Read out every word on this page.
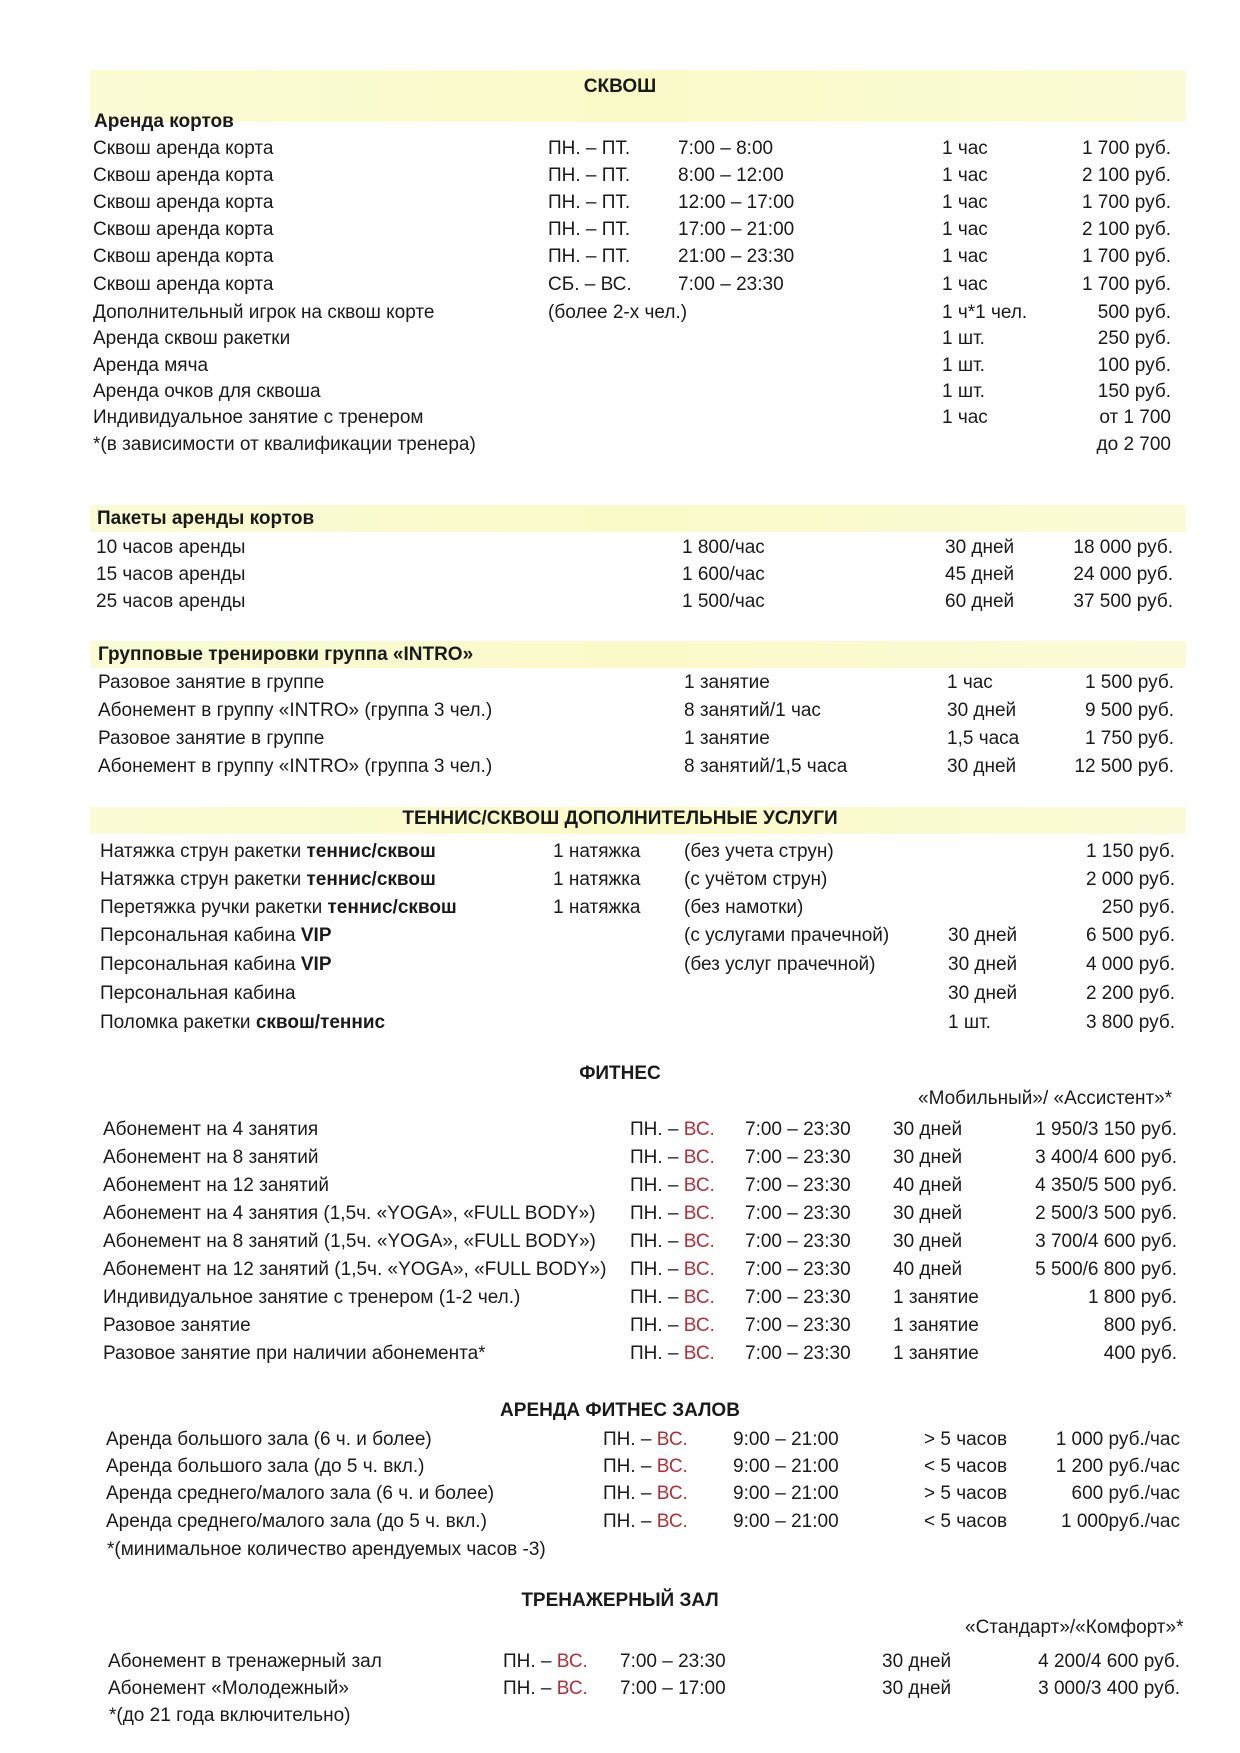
СКВОШ
Аренда кортов
Сквош аренда корта	ПН. – ПТ.	7:00 – 8:00	1 час	1 700 руб.
Сквош аренда корта	ПН. – ПТ.	8:00 – 12:00	1 час	2 100 руб.
Сквош аренда корта	ПН. – ПТ.	12:00 – 17:00	1 час	1 700 руб.
Сквош аренда корта	ПН. – ПТ.	17:00 – 21:00	1 час	2 100 руб.
Сквош аренда корта	ПН. – ПТ.	21:00 – 23:30	1 час	1 700 руб.
Сквош аренда корта	СБ. – ВС. 7:00 – 23:30	1 час	1 700 руб.
Дополнительный игрок на сквош корте	(более 2-х чел.)	1 ч*1 чел.	500 руб.
Аренда сквош ракетки	1 шт.	250 руб.
Аренда мяча	1 шт.	100 руб.
Аренда очков для сквоша	1 шт.	150 руб.
Индивидуальное занятие с тренером	1 час	от 1 700
*(в зависимости от квалификации тренера)	до 2 700
Пакеты аренды кортов
10 часов аренды	1 800/час	30 дней	18 000 руб.
15 часов аренды	1 600/час	45 дней	24 000 руб.
25 часов аренды	1 500/час	60 дней	37 500 руб.
Групповые тренировки группа «INTRO»
Разовое занятие в группе	1 занятие	1 час	1 500 руб.
Абонемент в группу «INTRO» (группа 3 чел.)	8 занятий/1 час	30 дней	9 500 руб.
Разовое занятие в группе	1 занятие	1,5 часа	1 750 руб.
Абонемент в группу «INTRO» (группа 3 чел.)	8 занятий/1,5 часа	30 дней	12 500 руб.
ТЕННИС/СКВОШ ДОПОЛНИТЕЛЬНЫЕ УСЛУГИ
Натяжка струн ракетки теннис/сквош	1 натяжка (без учета струн)	1 150 руб.
Натяжка струн ракетки теннис/сквош	1 натяжка (с учётом струн)	2 000 руб.
Перетяжка ручки ракетки теннис/сквош	1 натяжка (без намотки)	250 руб.
Персональная кабина VIP	(с услугами прачечной)	30 дней	6 500 руб.
Персональная кабина VIP	(без услуг прачечной)	30 дней	4 000 руб.
Персональная кабина	30 дней	2 200 руб.
Поломка ракетки сквош/теннис	1 шт.	3 800 руб.
ФИТНЕС
«Мобильный»/ «Ассистент»*
Абонемент на 4 занятия	ПН. – ВС. 7:00 – 23:30 30 дней	1 950/3 150 руб.
Абонемент на 8 занятий	ПН. – ВС. 7:00 – 23:30 30 дней	3 400/4 600 руб.
Абонемент на 12 занятий	ПН. – ВС. 7:00 – 23:30 40 дней	4 350/5 500 руб.
Абонемент на 4 занятия (1,5ч. «YOGA», «FULL BODY») ПН. – ВС. 7:00 – 23:30 30 дней	2 500/3 500 руб.
Абонемент на 8 занятий (1,5ч. «YOGA», «FULL BODY») ПН. – ВС. 7:00 – 23:30 30 дней	3 700/4 600 руб.
Абонемент на 12 занятий (1,5ч. «YOGA», «FULL BODY») ПН. – ВС. 7:00 – 23:30 40 дней	5 500/6 800 руб.
Индивидуальное занятие с тренером (1-2 чел.)	ПН. – ВС. 7:00 – 23:30 1 занятие	1 800 руб.
Разовое занятие	ПН. – ВС. 7:00 – 23:30 1 занятие	800 руб.
Разовое занятие при наличии абонемента*	ПН. – ВС. 7:00 – 23:30 1 занятие	400 руб.
АРЕНДА ФИТНЕС ЗАЛОВ
Аренда большого зала (6 ч. и более)	ПН. – ВС. 9:00 – 21:00	> 5 часов	1 000 руб./час
Аренда большого зала (до 5 ч. вкл.)	ПН. – ВС. 9:00 – 21:00	< 5 часов	1 200 руб./час
Аренда среднего/малого зала (6 ч. и более)	ПН. – ВС. 9:00 – 21:00	> 5 часов	600 руб./час
Аренда среднего/малого зала (до 5 ч. вкл.)	ПН. – ВС. 9:00 – 21:00	< 5 часов	1 000руб./час
*(минимальное количество арендуемых часов -3)
ТРЕНАЖЕРНЫЙ ЗАЛ
«Стандарт»/«Комфорт»*
Абонемент в тренажерный зал	ПН. – ВС. 7:00 – 23:30	30 дней	4 200/4 600 руб.
Абонемент «Молодежный»	ПН. – ВС. 7:00 – 17:00	30 дней	3 000/3 400 руб.
*(до 21 года включительно)
